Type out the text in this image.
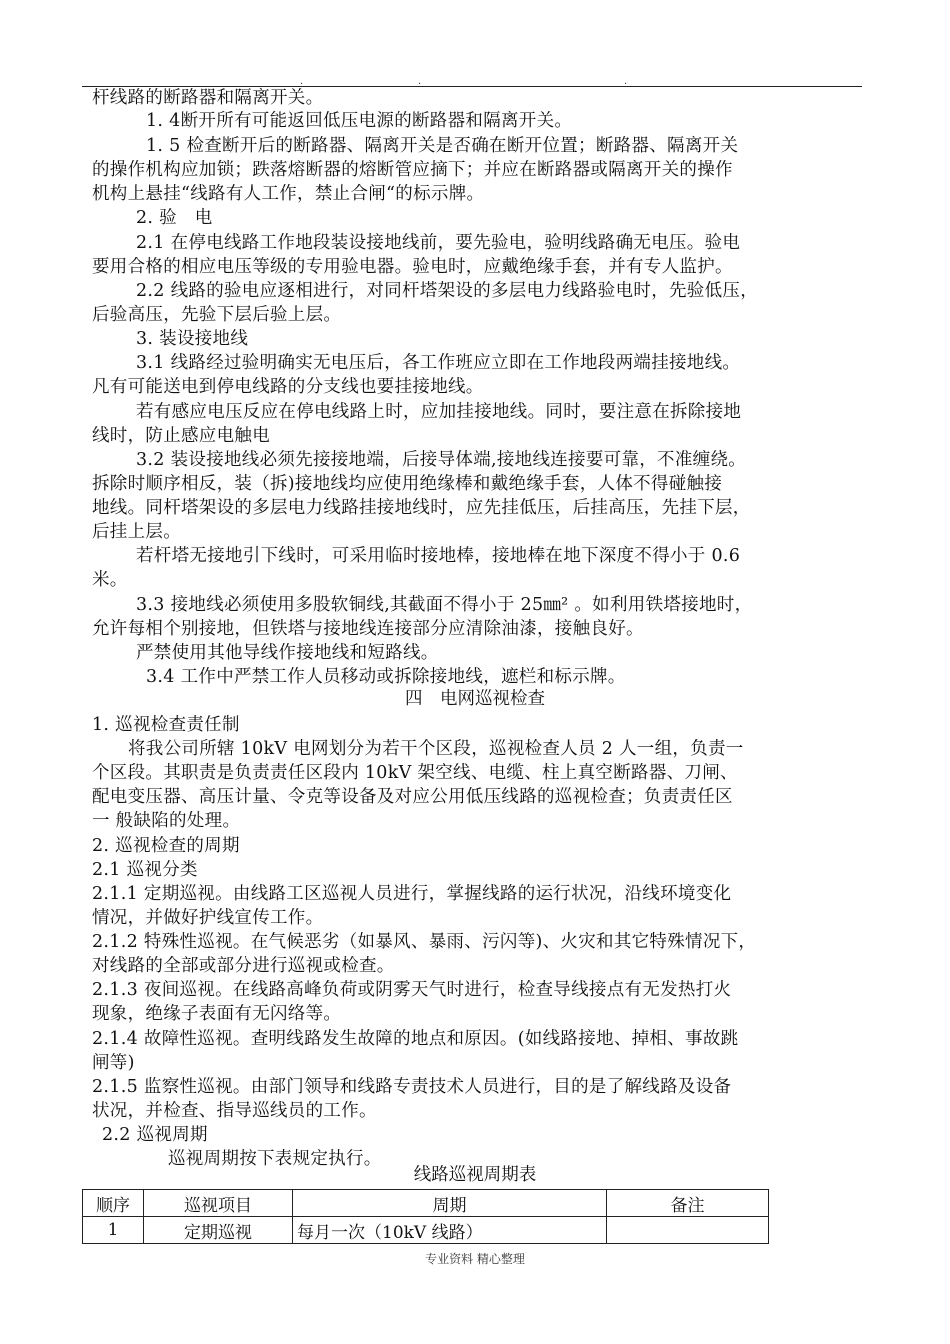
.	.	.
杆线路的断路器和隔离开关。
1. 4断开所有可能返回低压电源的断路器和隔离开关。
1. 5 检查断开后的断路器、隔离开关是否确在断开位置；断路器、隔离开关
的操作机构应加锁；跌落熔断器的熔断管应摘下；并应在断路器或隔离开关的操作
机构上悬挂“线路有人工作，禁止合闸“的标示牌。
2. 验　电
2.1 在停电线路工作地段装设接地线前，要先验电，验明线路确无电压。验电
要用合格的相应电压等级的专用验电器。验电时，应戴绝缘手套，并有专人监护。
2.2 线路的验电应逐相进行，对同杆塔架设的多层电力线路验电时，先验低压，
后验高压，先验下层后验上层。
3. 装设接地线
3.1 线路经过验明确实无电压后，各工作班应立即在工作地段两端挂接地线。
凡有可能送电到停电线路的分支线也要挂接地线。
若有感应电压反应在停电线路上时，应加挂接地线。同时，要注意在拆除接地
线时，防止感应电触电
3.2 装设接地线必须先接接地端，后接导体端,接地线连接要可靠，不准缠绕。
拆除时顺序相反，装（拆)接地线均应使用绝缘棒和戴绝缘手套，人体不得碰触接
地线。同杆塔架设的多层电力线路挂接地线时，应先挂低压，后挂高压，先挂下层，
后挂上层。
若杆塔无接地引下线时，可采用临时接地棒，接地棒在地下深度不得小于 0.6
米。
3.3 接地线必须使用多股软铜线,其截面不得小于 25㎜² 。如利用铁塔接地时，
允许每相个别接地，但铁塔与接地线连接部分应清除油漆，接触良好。
严禁使用其他导线作接地线和短路线。
3.4 工作中严禁工作人员移动或拆除接地线，遮栏和标示牌。
1. 巡视检查责任制
将我公司所辖 10kV 电网划分为若干个区段，巡视检查人员 2 人一组，负责一
个区段。其职责是负责责任区段内 10kV 架空线、电缆、柱上真空断路器、刀闸、
配电变压器、高压计量、令克等设备及对应公用低压线路的巡视检查；负责责任区
一 般缺陷的处理。
2. 巡视检查的周期
2.1 巡视分类
2.1.1 定期巡视。由线路工区巡视人员进行，掌握线路的运行状况，沿线环境变化
情况，并做好护线宣传工作。
2.1.2 特殊性巡视。在气候恶劣（如暴风、暴雨、污闪等)、火灾和其它特殊情况下，
对线路的全部或部分进行巡视或检查。
2.1.3 夜间巡视。在线路高峰负荷或阴雾天气时进行，检查导线接点有无发热打火
现象，绝缘子表面有无闪络等。
2.1.4 故障性巡视。查明线路发生故障的地点和原因。(如线路接地、掉相、事故跳
闸等)
2.1.5 监察性巡视。由部门领导和线路专责技术人员进行，目的是了解线路及设备
状况，并检查、指导巡线员的工作。
2.2 巡视周期
巡视周期按下表规定执行。
四　电网巡视检查
线路巡视周期表
顺序	巡视项目	周期	备注
1	定期巡视	每月一次（10kV 线路）	
专业资料 精心整理
